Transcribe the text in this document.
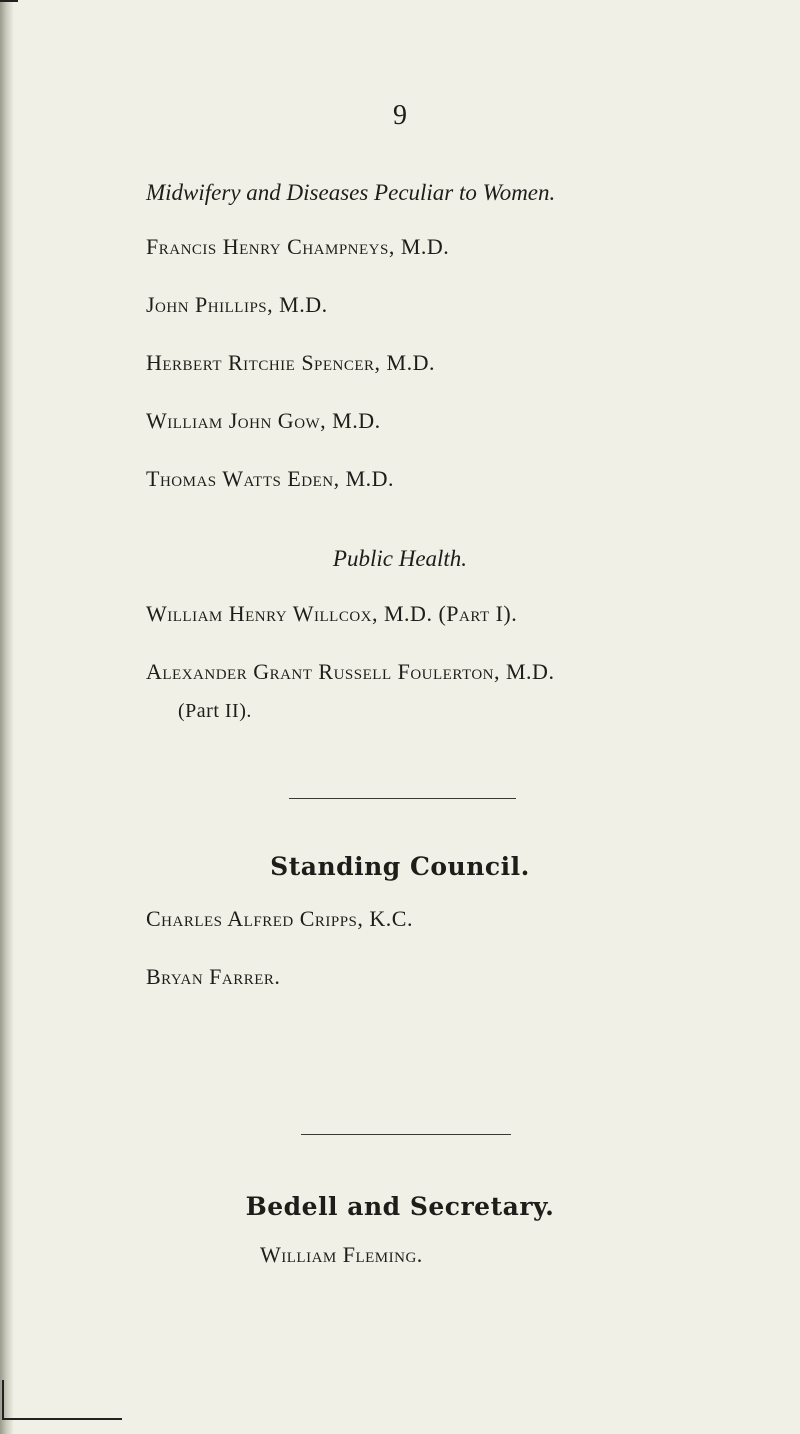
9
Midwifery and Diseases Peculiar to Women.
Francis Henry Champneys, M.D.
John Phillips, M.D.
Herbert Ritchie Spencer, M.D.
William John Gow, M.D.
Thomas Watts Eden, M.D.
Public Health.
William Henry Willcox, M.D. (Part I).
Alexander Grant Russell Foulerton, M.D.
(Part II).
Standing Council.
Charles Alfred Cripps, K.C.
Bryan Farrer.
Bedell and Secretary.
William Fleming.
